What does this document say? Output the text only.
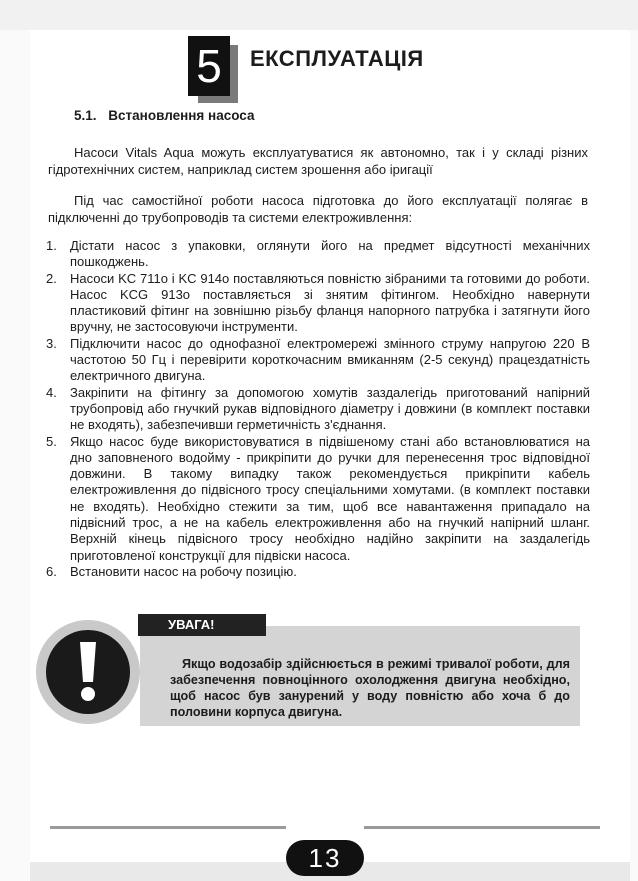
5	ЕКСПЛУАТАЦІЯ
5.1. Встановлення насоса
Насоси Vitals Aqua можуть експлуатуватися як автономно, так і у складі різних гідротехнічних систем, наприклад систем зрошення або іригації
Під час самостійної роботи насоса підготовка до його експлуатації полягає в підключенні до трубопроводів та системи електроживлення:
1.	Дістати насос з упаковки, оглянути його на предмет відсутності механічних пошкоджень.
2.	Насоси KC 711o і KC 914o поставляються повністю зібраними та готовими до роботи. Насос KCG 913o поставляється зі знятим фітингом. Необхідно навернути пластиковий фітинг на зовнішню різьбу фланця напорного патрубка і затягнути його вручну, не застосовуючи інструменти.
3.	Підключити насос до однофазної електромережі змінного струму напругою 220 В частотою 50 Гц і перевірити короткочасним вмиканням (2-5 секунд) працездатність електричного двигуна.
4.	Закріпити на фітингу за допомогою хомутів заздалегідь приготований напірний трубопровід або гнучкий рукав відповідного діаметру і довжини (в комплект поставки не входять), забезпечивши герметичність з'єднання.
5.	Якщо насос буде використовуватися в підвішеному стані або встановлюватися на дно заповненого водойму - прикріпити до ручки для перенесення трос відповідної довжини. В такому випадку також рекомендується прикріпити кабель електроживлення до підвісного тросу спеціальними хомутами. (в комплект поставки не входять). Необхідно стежити за тим, щоб все навантаження припадало на підвісний трос, а не на кабель електроживлення або на гнучкий напірний шланг. Верхній кінець підвісного тросу необхідно надійно закріпити на заздалегідь приготовленої конструкції для підвіски насоса.
6.	Встановити насос на робочу позицію.
УВАГА!
Якщо водозабір здійснюється в режимі тривалої роботи, для забезпечення повноцінного охолодження двигуна необхідно, щоб насос був занурений у воду повністю або хоча б до половини корпуса двигуна.
13
